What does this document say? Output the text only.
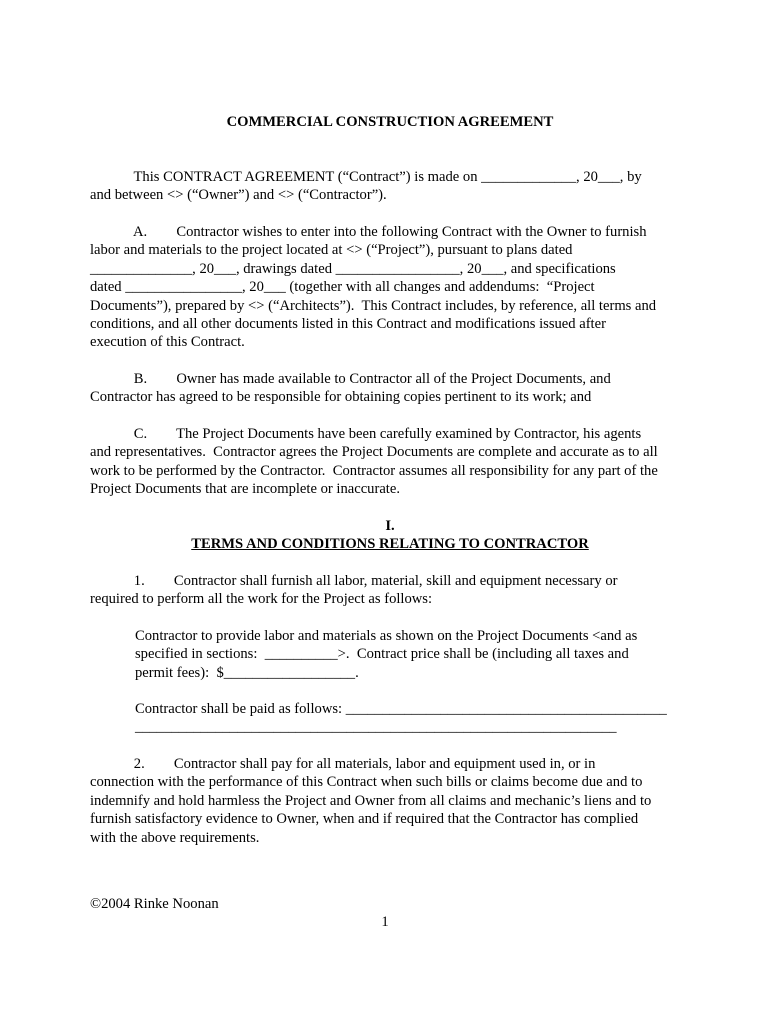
COMMERCIAL CONSTRUCTION AGREEMENT
This CONTRACT AGREEMENT (“Contract”) is made on _____________, 20___, by
and between <> (“Owner”) and <> (“Contractor”).
A.        Contractor wishes to enter into the following Contract with the Owner to furnish
labor and materials to the project located at <> (“Project”), pursuant to plans dated
______________, 20___, drawings dated _________________, 20___, and specifications
dated ________________, 20___ (together with all changes and addendums:  “Project
Documents”), prepared by <> (“Architects”).  This Contract includes, by reference, all terms and
conditions, and all other documents listed in this Contract and modifications issued after
execution of this Contract.
B.        Owner has made available to Contractor all of the Project Documents, and
Contractor has agreed to be responsible for obtaining copies pertinent to its work; and
C.        The Project Documents have been carefully examined by Contractor, his agents
and representatives.  Contractor agrees the Project Documents are complete and accurate as to all
work to be performed by the Contractor.  Contractor assumes all responsibility for any part of the
Project Documents that are incomplete or inaccurate.
I.
TERMS AND CONDITIONS RELATING TO CONTRACTOR
1.        Contractor shall furnish all labor, material, skill and equipment necessary or
required to perform all the work for the Project as follows:
Contractor to provide labor and materials as shown on the Project Documents <and as
specified in sections:  __________>.  Contract price shall be (including all taxes and
permit fees):  $__________________.
Contractor shall be paid as follows: ____________________________________________
__________________________________________________________________
2.        Contractor shall pay for all materials, labor and equipment used in, or in
connection with the performance of this Contract when such bills or claims become due and to
indemnify and hold harmless the Project and Owner from all claims and mechanic’s liens and to
furnish satisfactory evidence to Owner, when and if required that the Contractor has complied
with the above requirements.
©2004 Rinke Noonan
1
